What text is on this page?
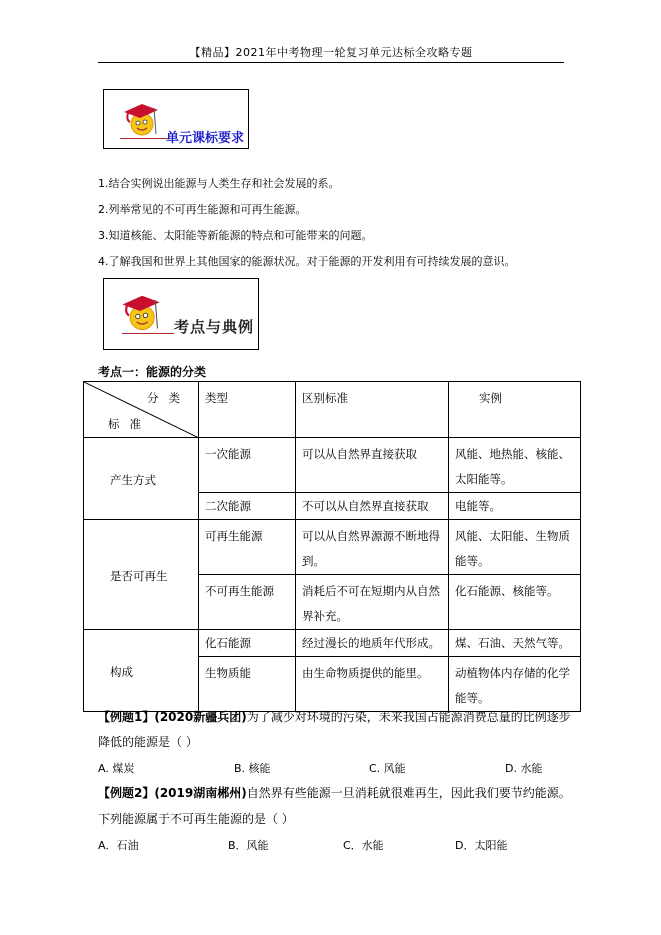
【精品】2021年中考物理一轮复习单元达标全攻略专题
单元课标要求
1.结合实例说出能源与人类生存和社会发展的系。
2.列举常见的不可再生能源和可再生能源。
3.知道核能、太阳能等新能源的特点和可能带来的问题。
4.了解我国和世界上其他国家的能源状况。对于能源的开发利用有可持续发展的意识。
考点与典例
考点一：能源的分类
分类
标准	类型	区别标准	实例
产生方式	一次能源	可以从自然界直接获取	风能、地热能、核能、太阳能等。
	二次能源	不可以从自然界直接获取	电能等。
是否可再生	可再生能源	可以从自然界源源不断地得到。	风能、太阳能、生物质能等。
	不可再生能源	消耗后不可在短期内从自然界补充。	化石能源、核能等。
构成	化石能源	经过漫长的地质年代形成。	煤、石油、天然气等。
	生物质能	由生命物质提供的能里。	动植物体内存储的化学能等。
【例题1】(2020新疆兵团)为了减少对环境的污染，未来我国占能源消费总量的比例逐步
降低的能源是（ ）
A. 煤炭	B. 核能	C. 风能	D. 水能
【例题2】(2019湖南郴州)自然界有些能源一旦消耗就很难再生，因此我们要节约能源。
下列能源属于不可再生能源的是（ ）
A．石油	B．风能	C．水能	D．太阳能
